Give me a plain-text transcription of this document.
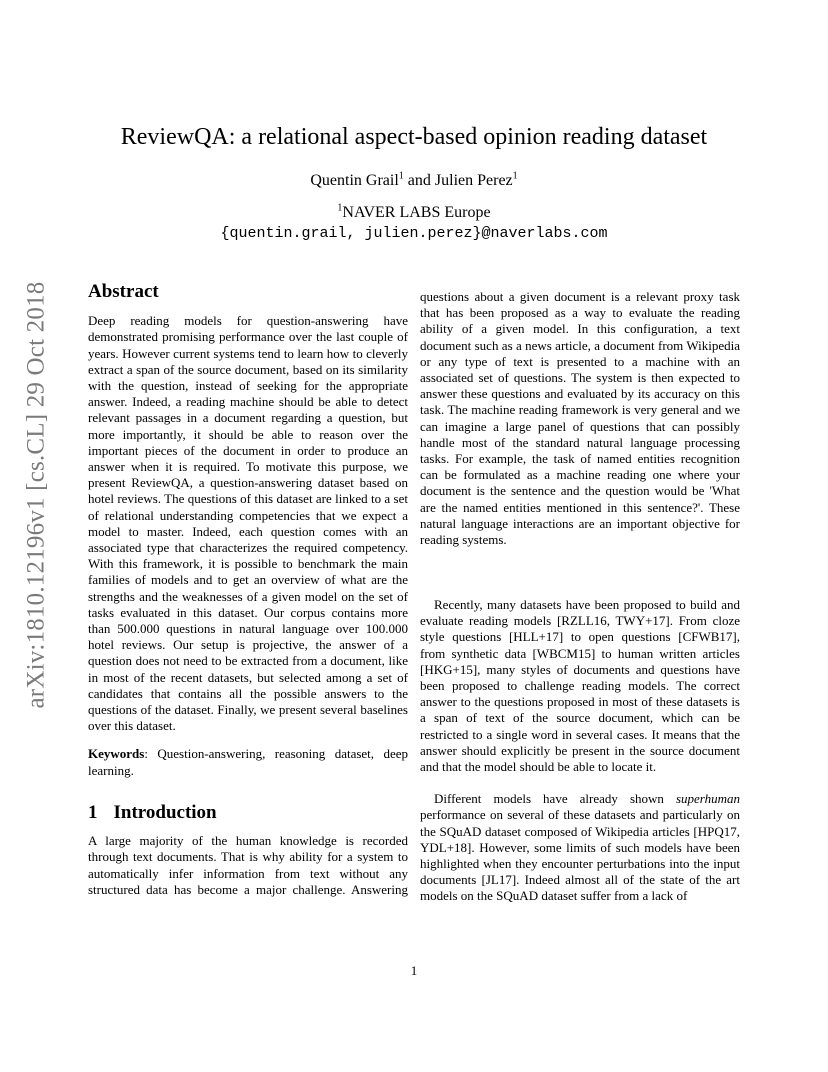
arXiv:1810.12196v1 [cs.CL] 29 Oct 2018
ReviewQA: a relational aspect-based opinion reading dataset
Quentin Grail$^1$ and Julien Perez$^1$
$^1$NAVER LABS Europe
{quentin.grail, julien.perez}@naverlabs.com
Abstract

Deep reading models for question-answering have demonstrated promising performance over the last couple of years. However current systems tend to learn how to cleverly extract a span of the source document, based on its similarity with the question, instead of seeking for the appropriate answer. Indeed, a reading machine should be able to detect relevant passages in a document regarding a question, but more importantly, it should be able to reason over the important pieces of the document in order to produce an answer when it is required. To motivate this purpose, we present ReviewQA, a question-answering dataset based on hotel reviews. The questions of this dataset are linked to a set of relational understanding competencies that we expect a model to master. Indeed, each question comes with an associated type that characterizes the required competency. With this framework, it is possible to benchmark the main families of models and to get an overview of what are the strengths and the weaknesses of a given model on the set of tasks evaluated in this dataset. Our corpus contains more than 500.000 questions in natural language over 100.000 hotel reviews. Our setup is projective, the answer of a question does not need to be extracted from a document, like in most of the recent datasets, but selected among a set of candidates that contains all the possible answers to the questions of the dataset. Finally, we present several baselines over this dataset.

Keywords: Question-answering, reasoning dataset, deep learning.

1 Introduction

A large majority of the human knowledge is recorded through text documents. That is why ability for a system to automatically infer information from text without any structured data has become a major challenge. Answering

questions about a given document is a relevant proxy task that has been proposed as a way to evaluate the reading ability of a given model. In this configuration, a text document such as a news article, a document from Wikipedia or any type of text is presented to a machine with an associated set of questions. The system is then expected to answer these questions and evaluated by its accuracy on this task. The machine reading framework is very general and we can imagine a large panel of questions that can possibly handle most of the standard natural language processing tasks. For example, the task of named entities recognition can be formulated as a machine reading one where your document is the sentence and the question would be 'What are the named entities mentioned in this sentence?'. These natural language interactions are an important objective for reading systems.

Recently, many datasets have been proposed to build and evaluate reading models [RZLL16, TWY+17]. From cloze style questions [HLL+17] to open questions [CFWB17], from synthetic data [WBCM15] to human written articles [HKG+15], many styles of documents and questions have been proposed to challenge reading models. The correct answer to the questions proposed in most of these datasets is a span of text of the source document, which can be restricted to a single word in several cases. It means that the answer should explicitly be present in the source document and that the model should be able to locate it.

Different models have already shown superhuman performance on several of these datasets and particularly on the SQuAD dataset composed of Wikipedia articles [HPQ17, YDL+18]. However, some limits of such models have been highlighted when they encounter perturbations into the input documents [JL17]. Indeed almost all of the state of the art models on the SQuAD dataset suffer from a lack of

1
